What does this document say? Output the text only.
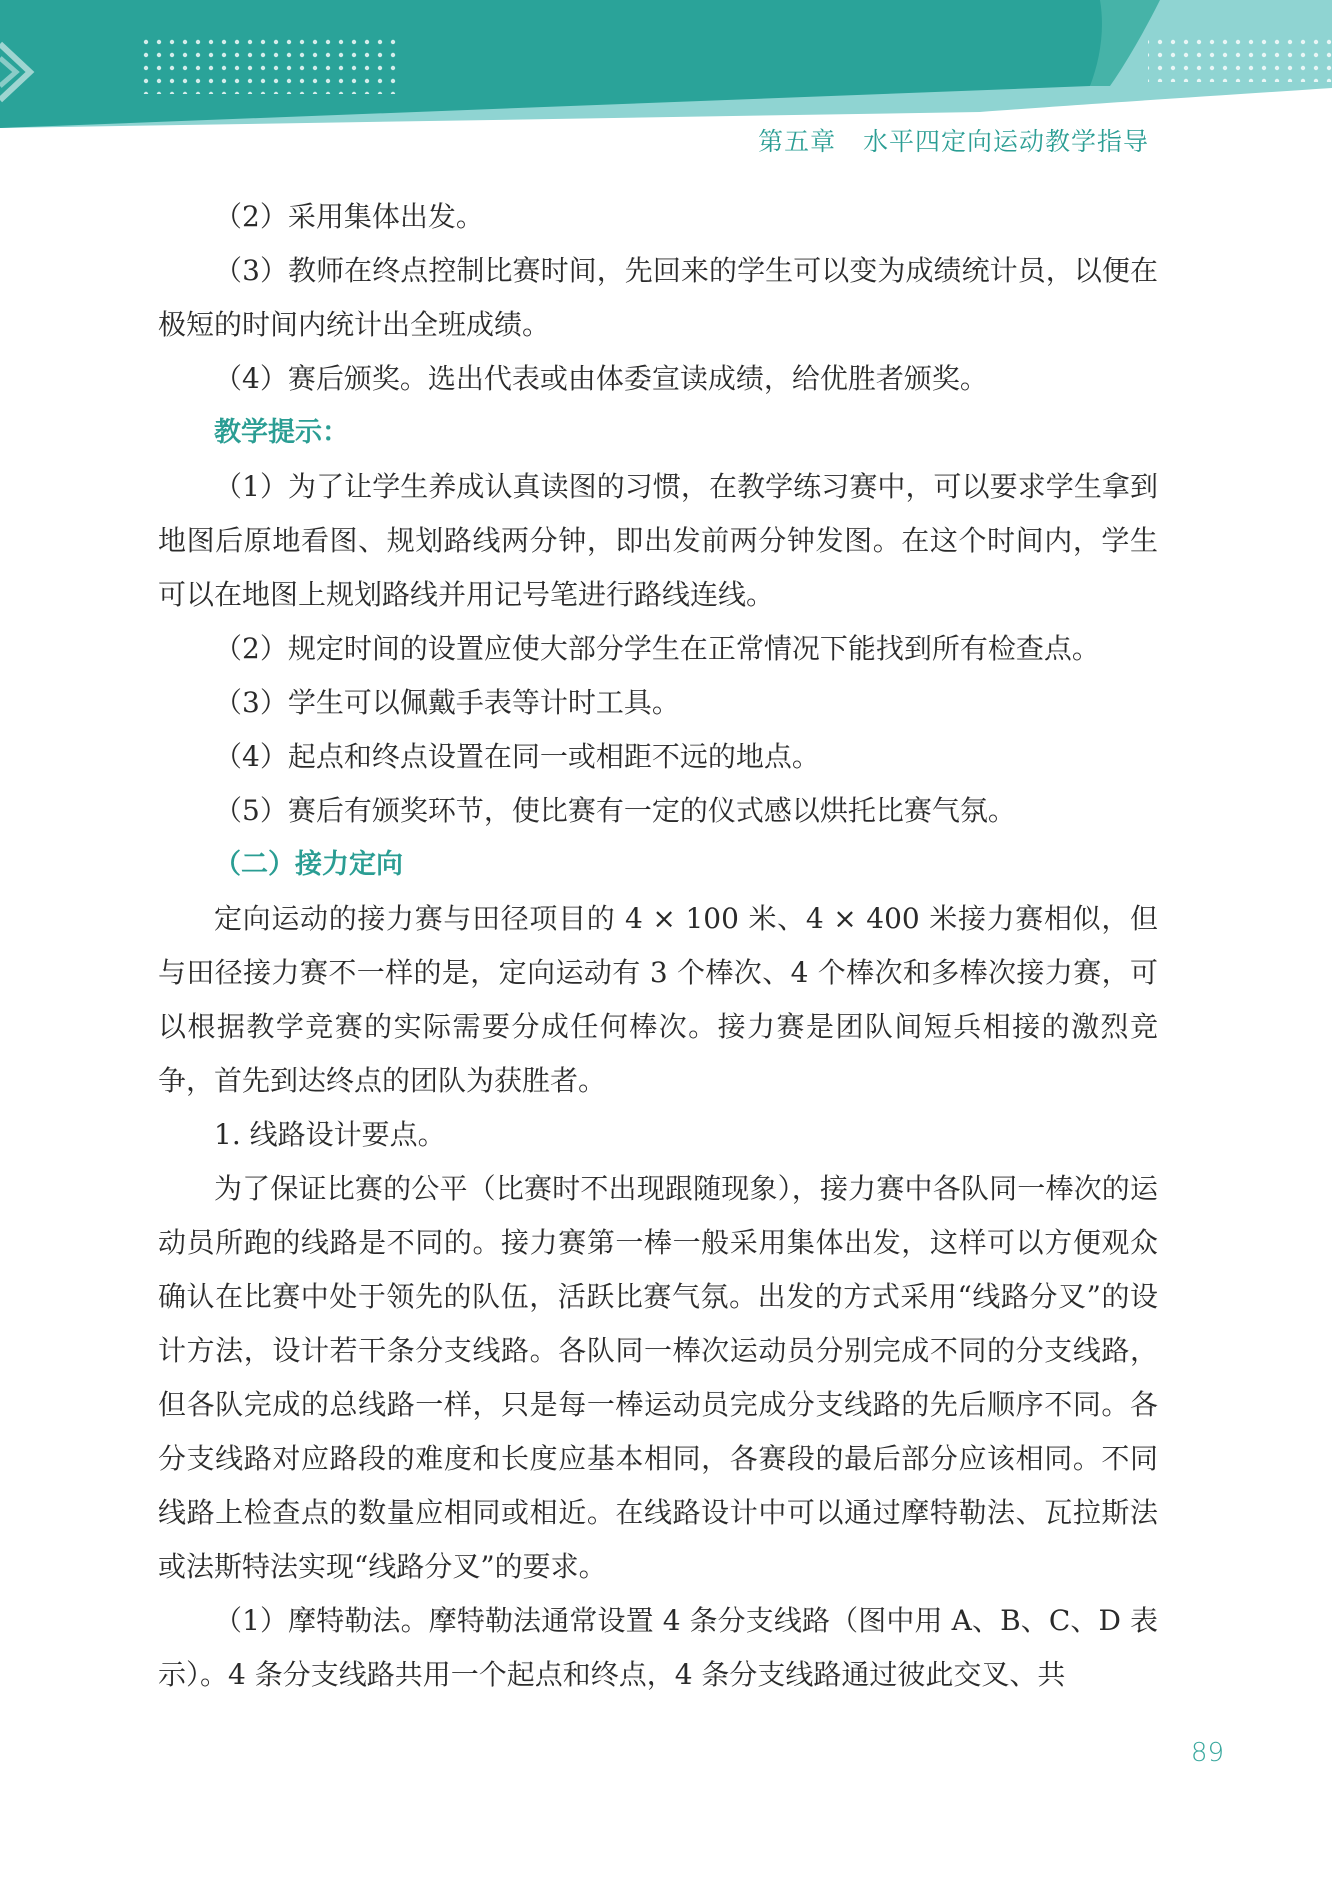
第五章 水平四定向运动教学指导

（2）采用集体出发。

（3）教师在终点控制比赛时间，先回来的学生可以变为成绩统计员，以便在极短的时间内统计出全班成绩。

（4）赛后颁奖。选出代表或由体委宣读成绩，给优胜者颁奖。

教学提示：

（1）为了让学生养成认真读图的习惯，在教学练习赛中，可以要求学生拿到地图后原地看图、规划路线两分钟，即出发前两分钟发图。在这个时间内，学生可以在地图上规划路线并用记号笔进行路线连线。

（2）规定时间的设置应使大部分学生在正常情况下能找到所有检查点。

（3）学生可以佩戴手表等计时工具。

（4）起点和终点设置在同一或相距不远的地点。

（5）赛后有颁奖环节，使比赛有一定的仪式感以烘托比赛气氛。

（二）接力定向

定向运动的接力赛与田径项目的 4 × 100 米、4 × 400 米接力赛相似，但与田径接力赛不一样的是，定向运动有 3 个棒次、4 个棒次和多棒次接力赛，可以根据教学竞赛的实际需要分成任何棒次。接力赛是团队间短兵相接的激烈竞争，首先到达终点的团队为获胜者。

1. 线路设计要点。

为了保证比赛的公平（比赛时不出现跟随现象），接力赛中各队同一棒次的运动员所跑的线路是不同的。接力赛第一棒一般采用集体出发，这样可以方便观众确认在比赛中处于领先的队伍，活跃比赛气氛。出发的方式采用“线路分叉”的设计方法，设计若干条分支线路。各队同一棒次运动员分别完成不同的分支线路，但各队完成的总线路一样，只是每一棒运动员完成分支线路的先后顺序不同。各分支线路对应路段的难度和长度应基本相同，各赛段的最后部分应该相同。不同线路上检查点的数量应相同或相近。在线路设计中可以通过摩特勒法、瓦拉斯法或法斯特法实现“线路分叉”的要求。

（1）摩特勒法。摩特勒法通常设置 4 条分支线路（图中用 A、B、C、D 表示）。4 条分支线路共用一个起点和终点，4 条分支线路通过彼此交叉、共

89
